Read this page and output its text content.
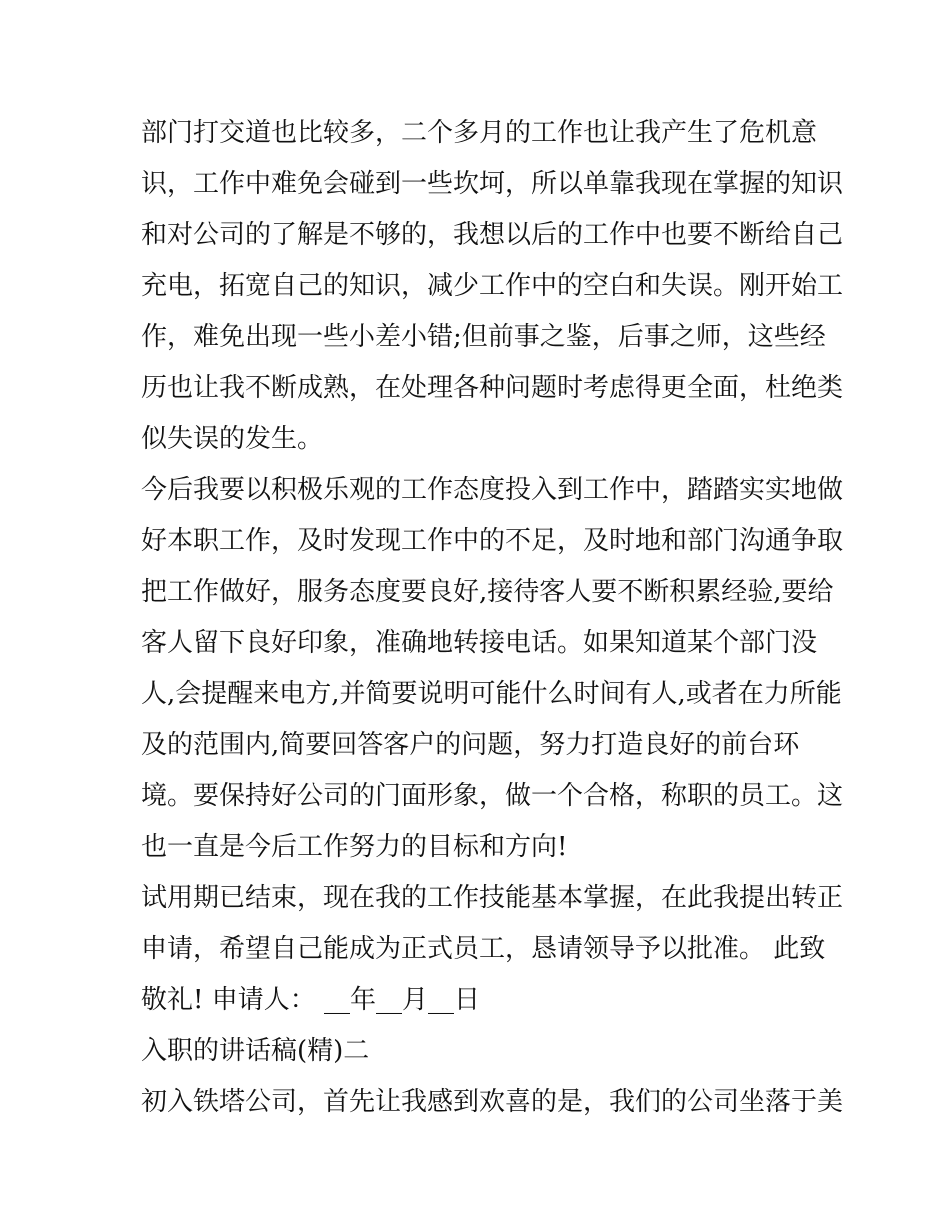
部门打交道也比较多，二个多月的工作也让我产生了危机意

识，工作中难免会碰到一些坎坷，所以单靠我现在掌握的知识

和对公司的了解是不够的，我想以后的工作中也要不断给自己

充电，拓宽自己的知识，减少工作中的空白和失误。刚开始工

作，难免出现一些小差小错;但前事之鉴，后事之师，这些经

历也让我不断成熟，在处理各种问题时考虑得更全面，杜绝类

似失误的发生。

今后我要以积极乐观的工作态度投入到工作中，踏踏实实地做

好本职工作，及时发现工作中的不足，及时地和部门沟通争取

把工作做好，服务态度要良好,接待客人要不断积累经验,要给

客人留下良好印象，准确地转接电话。如果知道某个部门没

人,会提醒来电方,并简要说明可能什么时间有人,或者在力所能

及的范围内,简要回答客户的问题，努力打造良好的前台环

境。要保持好公司的门面形象，做一个合格，称职的员工。这

也一直是今后工作努力的目标和方向!

试用期已结束，现在我的工作技能基本掌握，在此我提出转正

申请，希望自己能成为正式员工，恳请领导予以批准。 此致

敬礼! 申请人： __年__月__日

入职的讲话稿(精)二

初入铁塔公司，首先让我感到欢喜的是，我们的公司坐落于美
